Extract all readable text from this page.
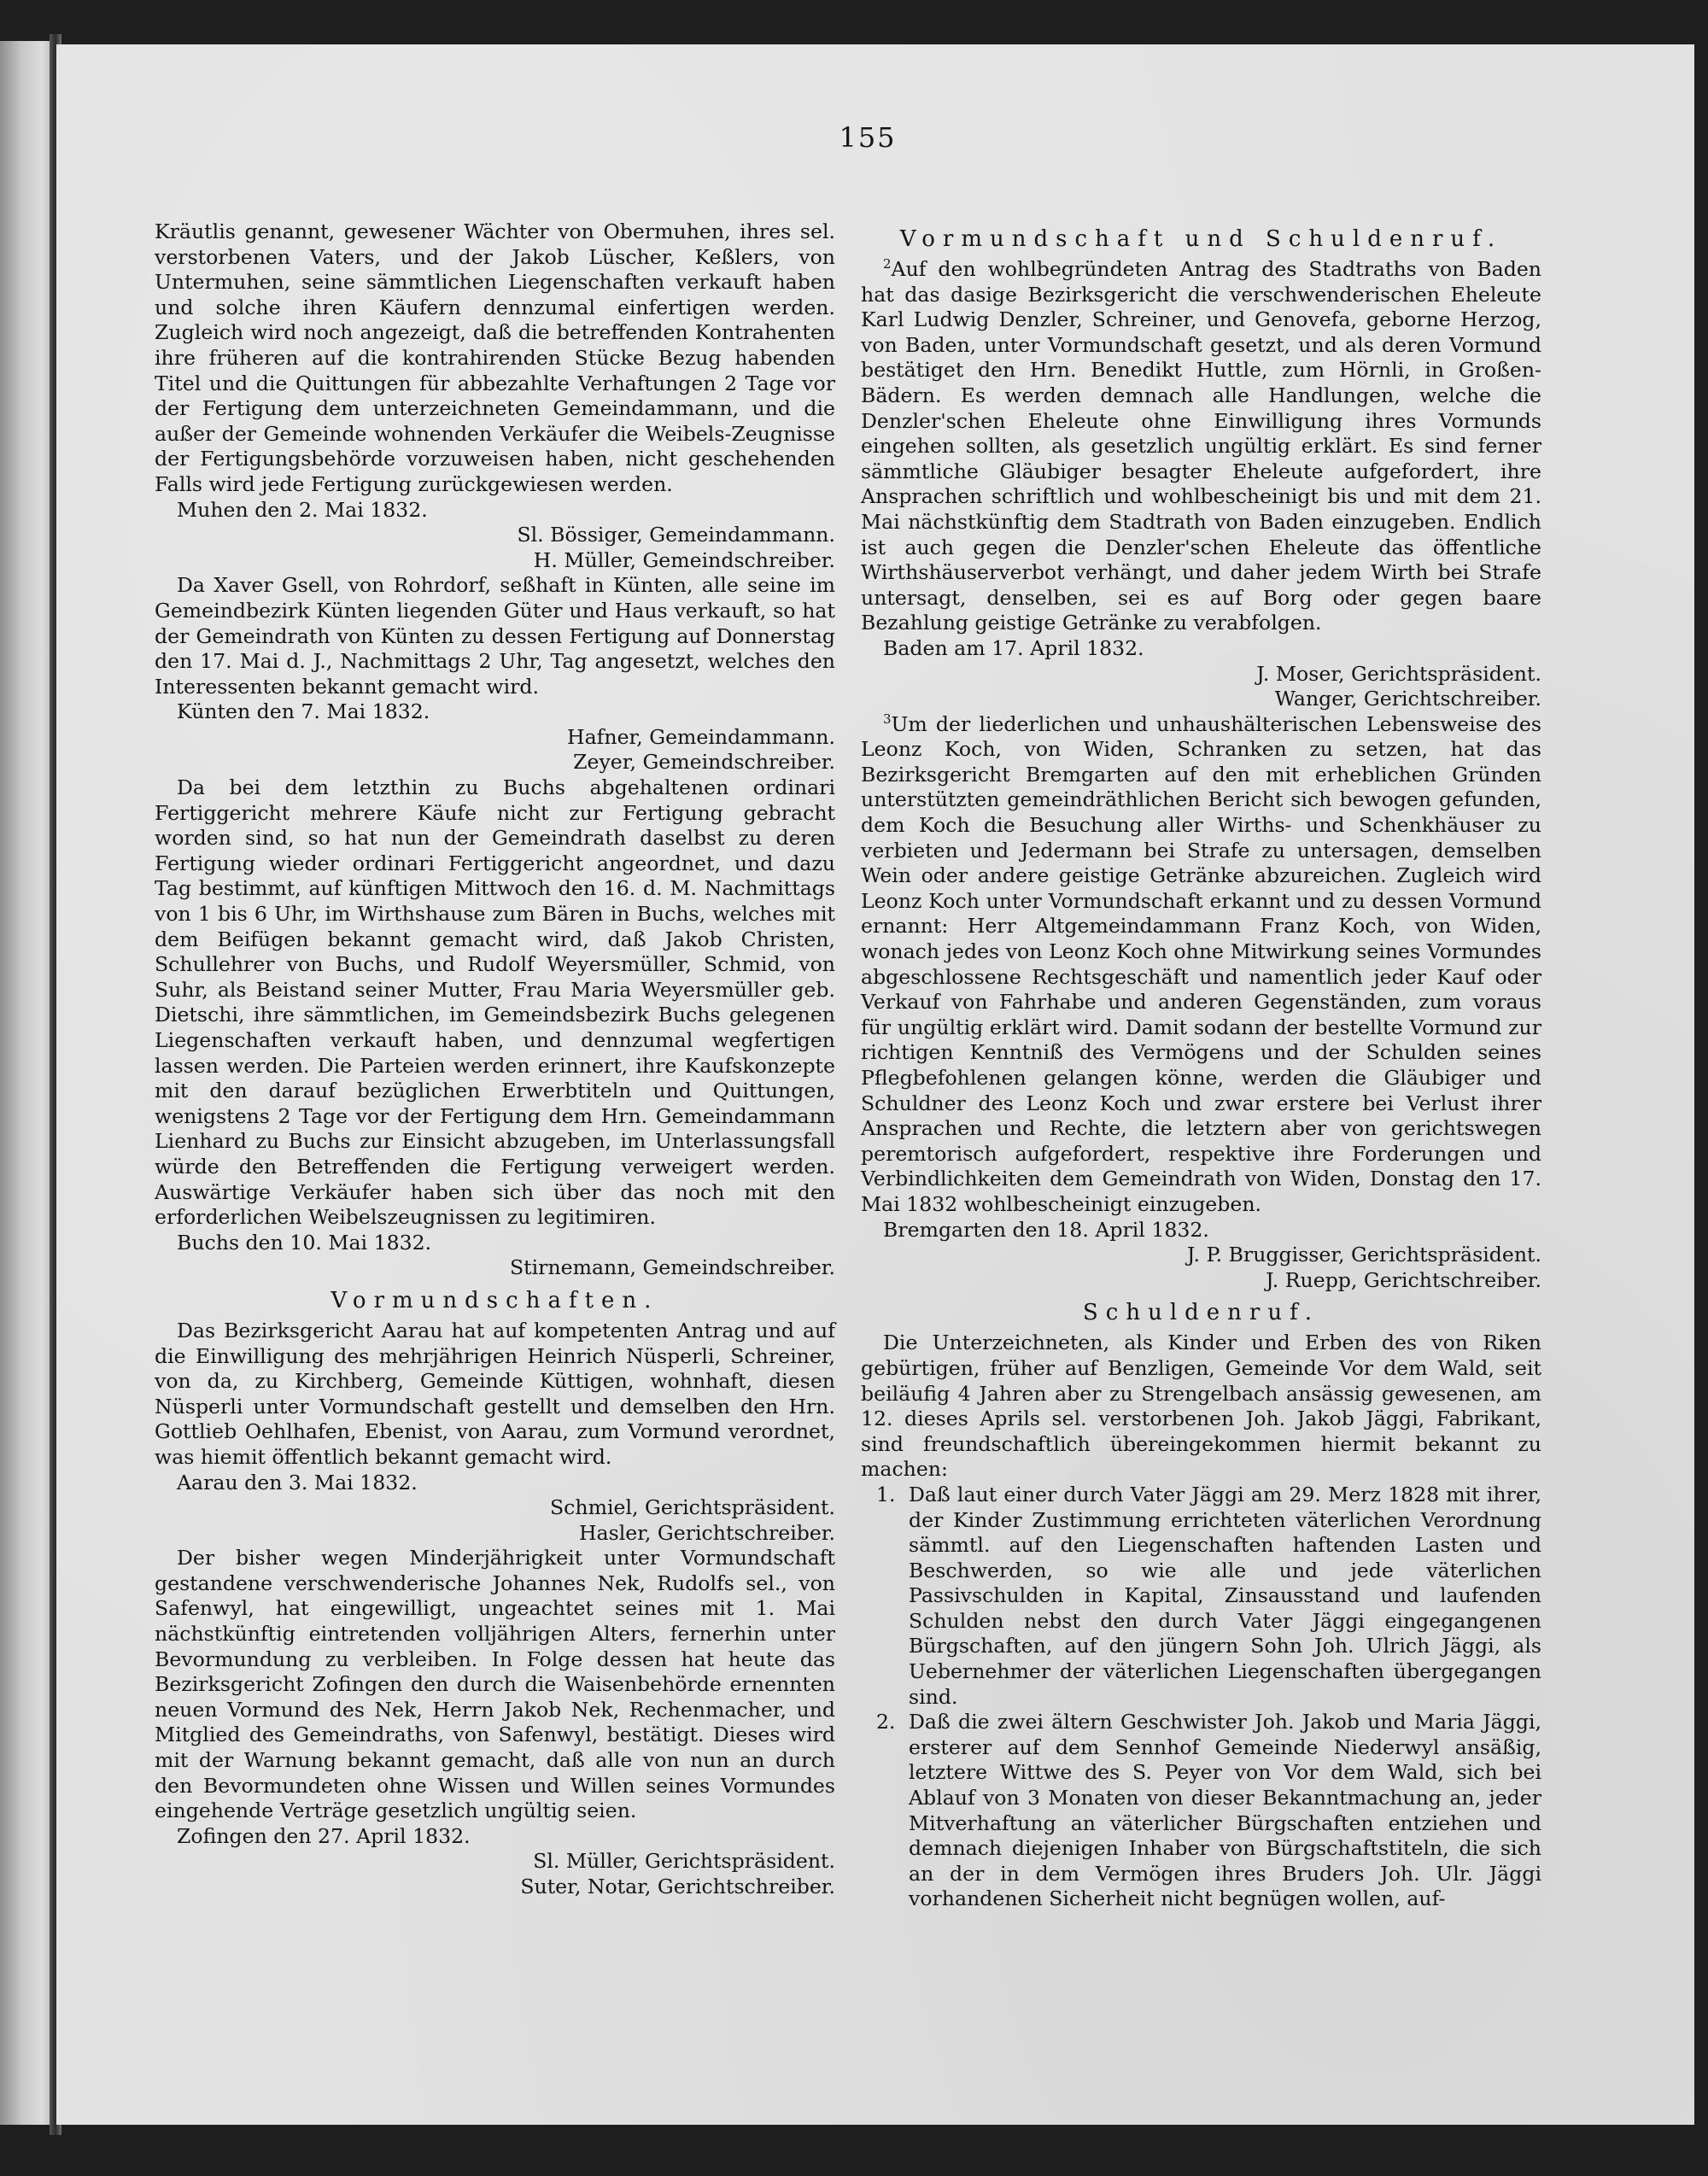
155

Kräutlis genannt, gewesener Wächter von Obermuhen, ihres sel. verstorbenen Vaters, und der Jakob Lüscher, Keßlers, von Untermuhen, seine sämmtlichen Liegenschaften verkauft haben und solche ihren Käufern dennzumal einfertigen werden. Zugleich wird noch angezeigt, daß die betreffenden Kontrahenten ihre früheren auf die kontrahirenden Stücke Bezug habenden Titel und die Quittungen für abbezahlte Verhaftungen 2 Tage vor der Fertigung dem unterzeichneten Gemeindammann, und die außer der Gemeinde wohnenden Verkäufer die Weibels-Zeugnisse der Fertigungsbehörde vorzuweisen haben, nicht geschehenden Falls wird jede Fertigung zurückgewiesen werden.

Muhen den 2. Mai 1832.

Sl. Bössiger, Gemeindammann.

H. Müller, Gemeindschreiber.

Da Xaver Gsell, von Rohrdorf, seßhaft in Künten, alle seine im Gemeindbezirk Künten liegenden Güter und Haus verkauft, so hat der Gemeindrath von Künten zu dessen Fertigung auf Donnerstag den 17. Mai d. J., Nachmittags 2 Uhr, Tag angesetzt, welches den Interessenten bekannt gemacht wird.

Künten den 7. Mai 1832.

Hafner, Gemeindammann.

Zeyer, Gemeindschreiber.

Da bei dem letzthin zu Buchs abgehaltenen ordinari Fertiggericht mehrere Käufe nicht zur Fertigung gebracht worden sind, so hat nun der Gemeindrath daselbst zu deren Fertigung wieder ordinari Fertiggericht angeordnet, und dazu Tag bestimmt, auf künftigen Mittwoch den 16. d. M. Nachmittags von 1 bis 6 Uhr, im Wirthshause zum Bären in Buchs, welches mit dem Beifügen bekannt gemacht wird, daß Jakob Christen, Schullehrer von Buchs, und Rudolf Weyersmüller, Schmid, von Suhr, als Beistand seiner Mutter, Frau Maria Weyersmüller geb. Dietschi, ihre sämmtlichen, im Gemeindsbezirk Buchs gelegenen Liegenschaften verkauft haben, und dennzumal wegfertigen lassen werden. Die Parteien werden erinnert, ihre Kaufskonzepte mit den darauf bezüglichen Erwerbtiteln und Quittungen, wenigstens 2 Tage vor der Fertigung dem Hrn. Gemeindammann Lienhard zu Buchs zur Einsicht abzugeben, im Unterlassungsfall würde den Betreffenden die Fertigung verweigert werden. Auswärtige Verkäufer haben sich über das noch mit den erforderlichen Weibelszeugnissen zu legitimiren.

Buchs den 10. Mai 1832.

Stirnemann, Gemeindschreiber.

Vormundschaften.

Das Bezirksgericht Aarau hat auf kompetenten Antrag und auf die Einwilligung des mehrjährigen Heinrich Nüsperli, Schreiner, von da, zu Kirchberg, Gemeinde Küttigen, wohnhaft, diesen Nüsperli unter Vormundschaft gestellt und demselben den Hrn. Gottlieb Oehlhafen, Ebenist, von Aarau, zum Vormund verordnet, was hiemit öffentlich bekannt gemacht wird.

Aarau den 3. Mai 1832.

Schmiel, Gerichtspräsident.

Hasler, Gerichtschreiber.

Der bisher wegen Minderjährigkeit unter Vormundschaft gestandene verschwenderische Johannes Nek, Rudolfs sel., von Safenwyl, hat eingewilligt, ungeachtet seines mit 1. Mai nächstkünftig eintretenden volljährigen Alters, fernerhin unter Bevormundung zu verbleiben. In Folge dessen hat heute das Bezirksgericht Zofingen den durch die Waisenbehörde ernennten neuen Vormund des Nek, Herrn Jakob Nek, Rechenmacher, und Mitglied des Gemeindraths, von Safenwyl, bestätigt. Dieses wird mit der Warnung bekannt gemacht, daß alle von nun an durch den Bevormundeten ohne Wissen und Willen seines Vormundes eingehende Verträge gesetzlich ungültig seien.

Zofingen den 27. April 1832.

Sl. Müller, Gerichtspräsident.

Suter, Notar, Gerichtschreiber.

Vormundschaft und Schuldenruf.

$^2$Auf den wohlbegründeten Antrag des Stadtraths von Baden hat das dasige Bezirksgericht die verschwenderischen Eheleute Karl Ludwig Denzler, Schreiner, und Genovefa, geborne Herzog, von Baden, unter Vormundschaft gesetzt, und als deren Vormund bestätiget den Hrn. Benedikt Huttle, zum Hörnli, in Großen-Bädern. Es werden demnach alle Handlungen, welche die Denzler'schen Eheleute ohne Einwilligung ihres Vormunds eingehen sollten, als gesetzlich ungültig erklärt. Es sind ferner sämmtliche Gläubiger besagter Eheleute aufgefordert, ihre Ansprachen schriftlich und wohlbescheinigt bis und mit dem 21. Mai nächstkünftig dem Stadtrath von Baden einzugeben. Endlich ist auch gegen die Denzler'schen Eheleute das öffentliche Wirthshäuserverbot verhängt, und daher jedem Wirth bei Strafe untersagt, denselben, sei es auf Borg oder gegen baare Bezahlung geistige Getränke zu verabfolgen.

Baden am 17. April 1832.

J. Moser, Gerichtspräsident.

Wanger, Gerichtschreiber.

$^3$Um der liederlichen und unhaushälterischen Lebensweise des Leonz Koch, von Widen, Schranken zu setzen, hat das Bezirksgericht Bremgarten auf den mit erheblichen Gründen unterstützten gemeindräthlichen Bericht sich bewogen gefunden, dem Koch die Besuchung aller Wirths- und Schenkhäuser zu verbieten und Jedermann bei Strafe zu untersagen, demselben Wein oder andere geistige Getränke abzureichen. Zugleich wird Leonz Koch unter Vormundschaft erkannt und zu dessen Vormund ernannt: Herr Altgemeindammann Franz Koch, von Widen, wonach jedes von Leonz Koch ohne Mitwirkung seines Vormundes abgeschlossene Rechtsgeschäft und namentlich jeder Kauf oder Verkauf von Fahrhabe und anderen Gegenständen, zum voraus für ungültig erklärt wird. Damit sodann der bestellte Vormund zur richtigen Kenntniß des Vermögens und der Schulden seines Pflegbefohlenen gelangen könne, werden die Gläubiger und Schuldner des Leonz Koch und zwar erstere bei Verlust ihrer Ansprachen und Rechte, die letztern aber von gerichtswegen peremtorisch aufgefordert, respektive ihre Forderungen und Verbindlichkeiten dem Gemeindrath von Widen, Donstag den 17. Mai 1832 wohlbescheinigt einzugeben.

Bremgarten den 18. April 1832.

J. P. Bruggisser, Gerichtspräsident.

J. Ruepp, Gerichtschreiber.

Schuldenruf.

Die Unterzeichneten, als Kinder und Erben des von Riken gebürtigen, früher auf Benzligen, Gemeinde Vor dem Wald, seit beiläufig 4 Jahren aber zu Strengelbach ansässig gewesenen, am 12. dieses Aprils sel. verstorbenen Joh. Jakob Jäggi, Fabrikant, sind freundschaftlich übereingekommen hiermit bekannt zu machen:

1. Daß laut einer durch Vater Jäggi am 29. Merz 1828 mit ihrer, der Kinder Zustimmung errichteten väterlichen Verordnung sämmtl. auf den Liegenschaften haftenden Lasten und Beschwerden, so wie alle und jede väterlichen Passivschulden in Kapital, Zinsausstand und laufenden Schulden nebst den durch Vater Jäggi eingegangenen Bürgschaften, auf den jüngern Sohn Joh. Ulrich Jäggi, als Uebernehmer der väterlichen Liegenschaften übergegangen sind.
2. Daß die zwei ältern Geschwister Joh. Jakob und Maria Jäggi, ersterer auf dem Sennhof Gemeinde Niederwyl ansäßig, letztere Wittwe des S. Peyer von Vor dem Wald, sich bei Ablauf von 3 Monaten von dieser Bekanntmachung an, jeder Mitverhaftung an väterlicher Bürgschaften entziehen und demnach diejenigen Inhaber von Bürgschaftstiteln, die sich an der in dem Vermögen ihres Bruders Joh. Ulr. Jäggi vorhandenen Sicherheit nicht begnügen wollen, auf-
